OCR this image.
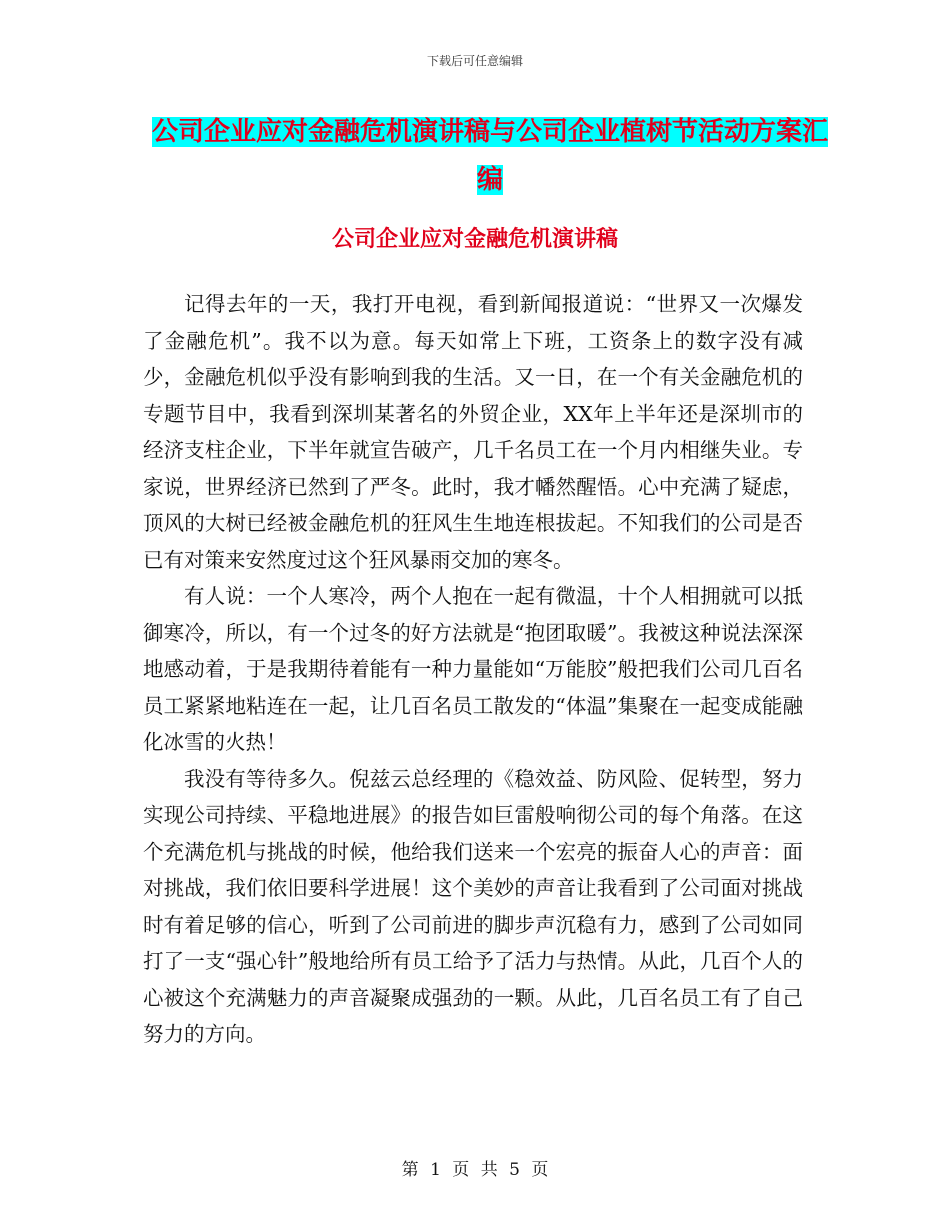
下载后可任意编辑
公司企业应对金融危机演讲稿与公司企业植树节活动方案汇编
公司企业应对金融危机演讲稿

记得去年的一天，我打开电视，看到新闻报道说：“世界又一次爆发了金融危机”。我不以为意。每天如常上下班，工资条上的数字没有减少，金融危机似乎没有影响到我的生活。又一日，在一个有关金融危机的专题节目中，我看到深圳某著名的外贸企业，XX年上半年还是深圳市的经济支柱企业，下半年就宣告破产，几千名员工在一个月内相继失业。专家说，世界经济已然到了严冬。此时，我才幡然醒悟。心中充满了疑虑，顶风的大树已经被金融危机的狂风生生地连根拔起。不知我们的公司是否已有对策来安然度过这个狂风暴雨交加的寒冬。

有人说：一个人寒冷，两个人抱在一起有微温，十个人相拥就可以抵御寒冷，所以，有一个过冬的好方法就是“抱团取暖”。我被这种说法深深地感动着，于是我期待着能有一种力量能如“万能胶”般把我们公司几百名员工紧紧地粘连在一起，让几百名员工散发的“体温”集聚在一起变成能融化冰雪的火热！

我没有等待多久。倪兹云总经理的《稳效益、防风险、促转型，努力实现公司持续、平稳地进展》的报告如巨雷般响彻公司的每个角落。在这个充满危机与挑战的时候，他给我们送来一个宏亮的振奋人心的声音：面对挑战，我们依旧要科学进展！这个美妙的声音让我看到了公司面对挑战时有着足够的信心，听到了公司前进的脚步声沉稳有力，感到了公司如同打了一支“强心针”般地给所有员工给予了活力与热情。从此，几百个人的心被这个充满魅力的声音凝聚成强劲的一颗。从此，几百名员工有了自己努力的方向。

第 1 页 共 5 页
